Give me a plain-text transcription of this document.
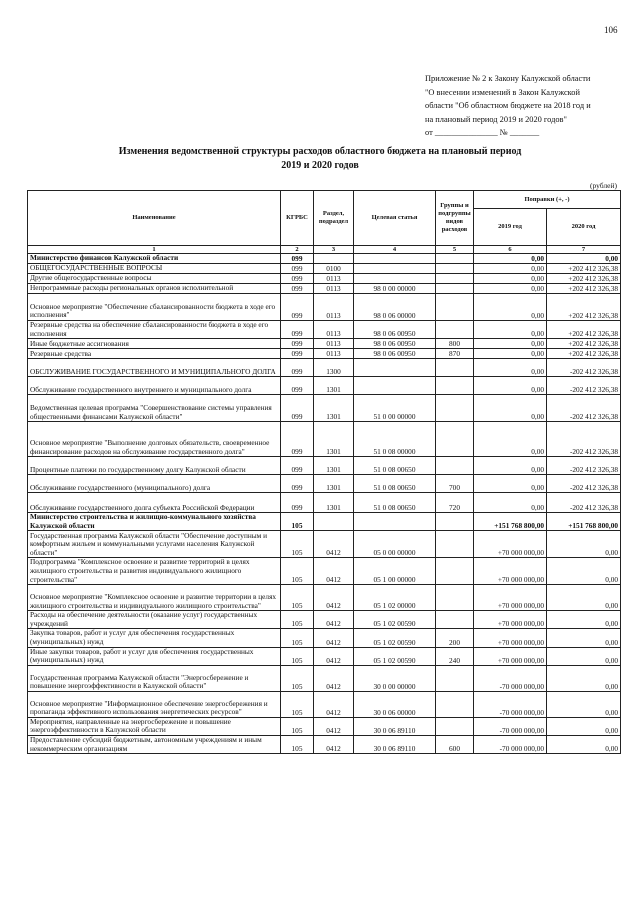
106
Приложение № 2 к Закону Калужской области
"О внесении изменений в Закон Калужской
области "Об областном бюджете на 2018 год и
на плановый период 2019 и 2020 годов"
от _______________ № _______
Изменения ведомственной структуры расходов областного бюджета на плановый период
2019 и 2020 годов
(рублей)
Наименование	КГРБС	Раздел, подраздел	Целевая статья	Группы и подгруппы видов расходов	Поправки (+, -)	
					2019 год	2020 год
1	2	3	4	5	6	7
Министерство финансов Калужской области	099				0,00	0,00
ОБЩЕГОСУДАРСТВЕННЫЕ ВОПРОСЫ	099	0100			0,00	+202 412 326,38
Другие общегосударственные вопросы	099	0113			0,00	+202 412 326,38
Непрограммные расходы региональных органов исполнительной	099	0113	98 0 00 00000		0,00	+202 412 326,38
Основное мероприятие "Обеспечение сбалансированности бюджета в ходе его исполнения"	099	0113	98 0 06 00000		0,00	+202 412 326,38
Резервные средства на обеспечение сбалансированности бюджета в ходе его исполнения	099	0113	98 0 06 00950		0,00	+202 412 326,38
Иные бюджетные ассигнования	099	0113	98 0 06 00950	800	0,00	+202 412 326,38
Резервные средства	099	0113	98 0 06 00950	870	0,00	+202 412 326,38
ОБСЛУЖИВАНИЕ ГОСУДАРСТВЕННОГО И МУНИЦИПАЛЬНОГО ДОЛГА	099	1300			0,00	-202 412 326,38
Обслуживание государственного внутреннего и муниципального долга	099	1301			0,00	-202 412 326,38
Ведомственная целевая программа "Совершенствование системы управления общественными финансами Калужской области"	099	1301	51 0 00 00000		0,00	-202 412 326,38
Основное мероприятие "Выполнение долговых обязательств, своевременное финансирование расходов на обслуживание государственного долга"	099	1301	51 0 08 00000		0,00	-202 412 326,38
Процентные платежи по государственному долгу Калужской области	099	1301	51 0 08 00650		0,00	-202 412 326,38
Обслуживание государственного (муниципального) долга	099	1301	51 0 08 00650	700	0,00	-202 412 326,38
Обслуживание государственного долга субъекта Российской Федерации	099	1301	51 0 08 00650	720	0,00	-202 412 326,38
Министерство строительства и жилищно-коммунального хозяйства Калужской области	105				+151 768 800,00	+151 768 800,00
Государственная программа Калужской области "Обеспечение доступным и комфортным жильем и коммунальными услугами населения Калужской области"	105	0412	05 0 00 00000		+70 000 000,00	0,00
Подпрограмма "Комплексное освоение и развитие территорий в целях жилищного строительства и развития индивидуального жилищного строительства"	105	0412	05 1 00 00000		+70 000 000,00	0,00
Основное мероприятие "Комплексное освоение и развитие территории в целях жилищного строительства и индивидуального жилищного строительства"	105	0412	05 1 02 00000		+70 000 000,00	0,00
Расходы на обеспечение деятельности (оказание услуг) государственных учреждений	105	0412	05 1 02 00590		+70 000 000,00	0,00
Закупка товаров, работ и услуг для обеспечения государственных (муниципальных) нужд	105	0412	05 1 02 00590	200	+70 000 000,00	0,00
Иные закупки товаров, работ и услуг для обеспечения государственных (муниципальных) нужд	105	0412	05 1 02 00590	240	+70 000 000,00	0,00
Государственная программа Калужской области "Энергосбережение и повышение энергоэффективности в Калужской области"	105	0412	30 0 00 00000		-70 000 000,00	0,00
Основное мероприятие "Информационное обеспечение энергосбережения и пропаганда эффективного использования энергетических ресурсов"	105	0412	30 0 06 00000		-70 000 000,00	0,00
Мероприятия, направленные на энергосбережение и повышение энергоэффективности в Калужской области	105	0412	30 0 06 89110		-70 000 000,00	0,00
Предоставление субсидий бюджетным, автономным учреждениям и иным некоммерческим организациям	105	0412	30 0 06 89110	600	-70 000 000,00	0,00
